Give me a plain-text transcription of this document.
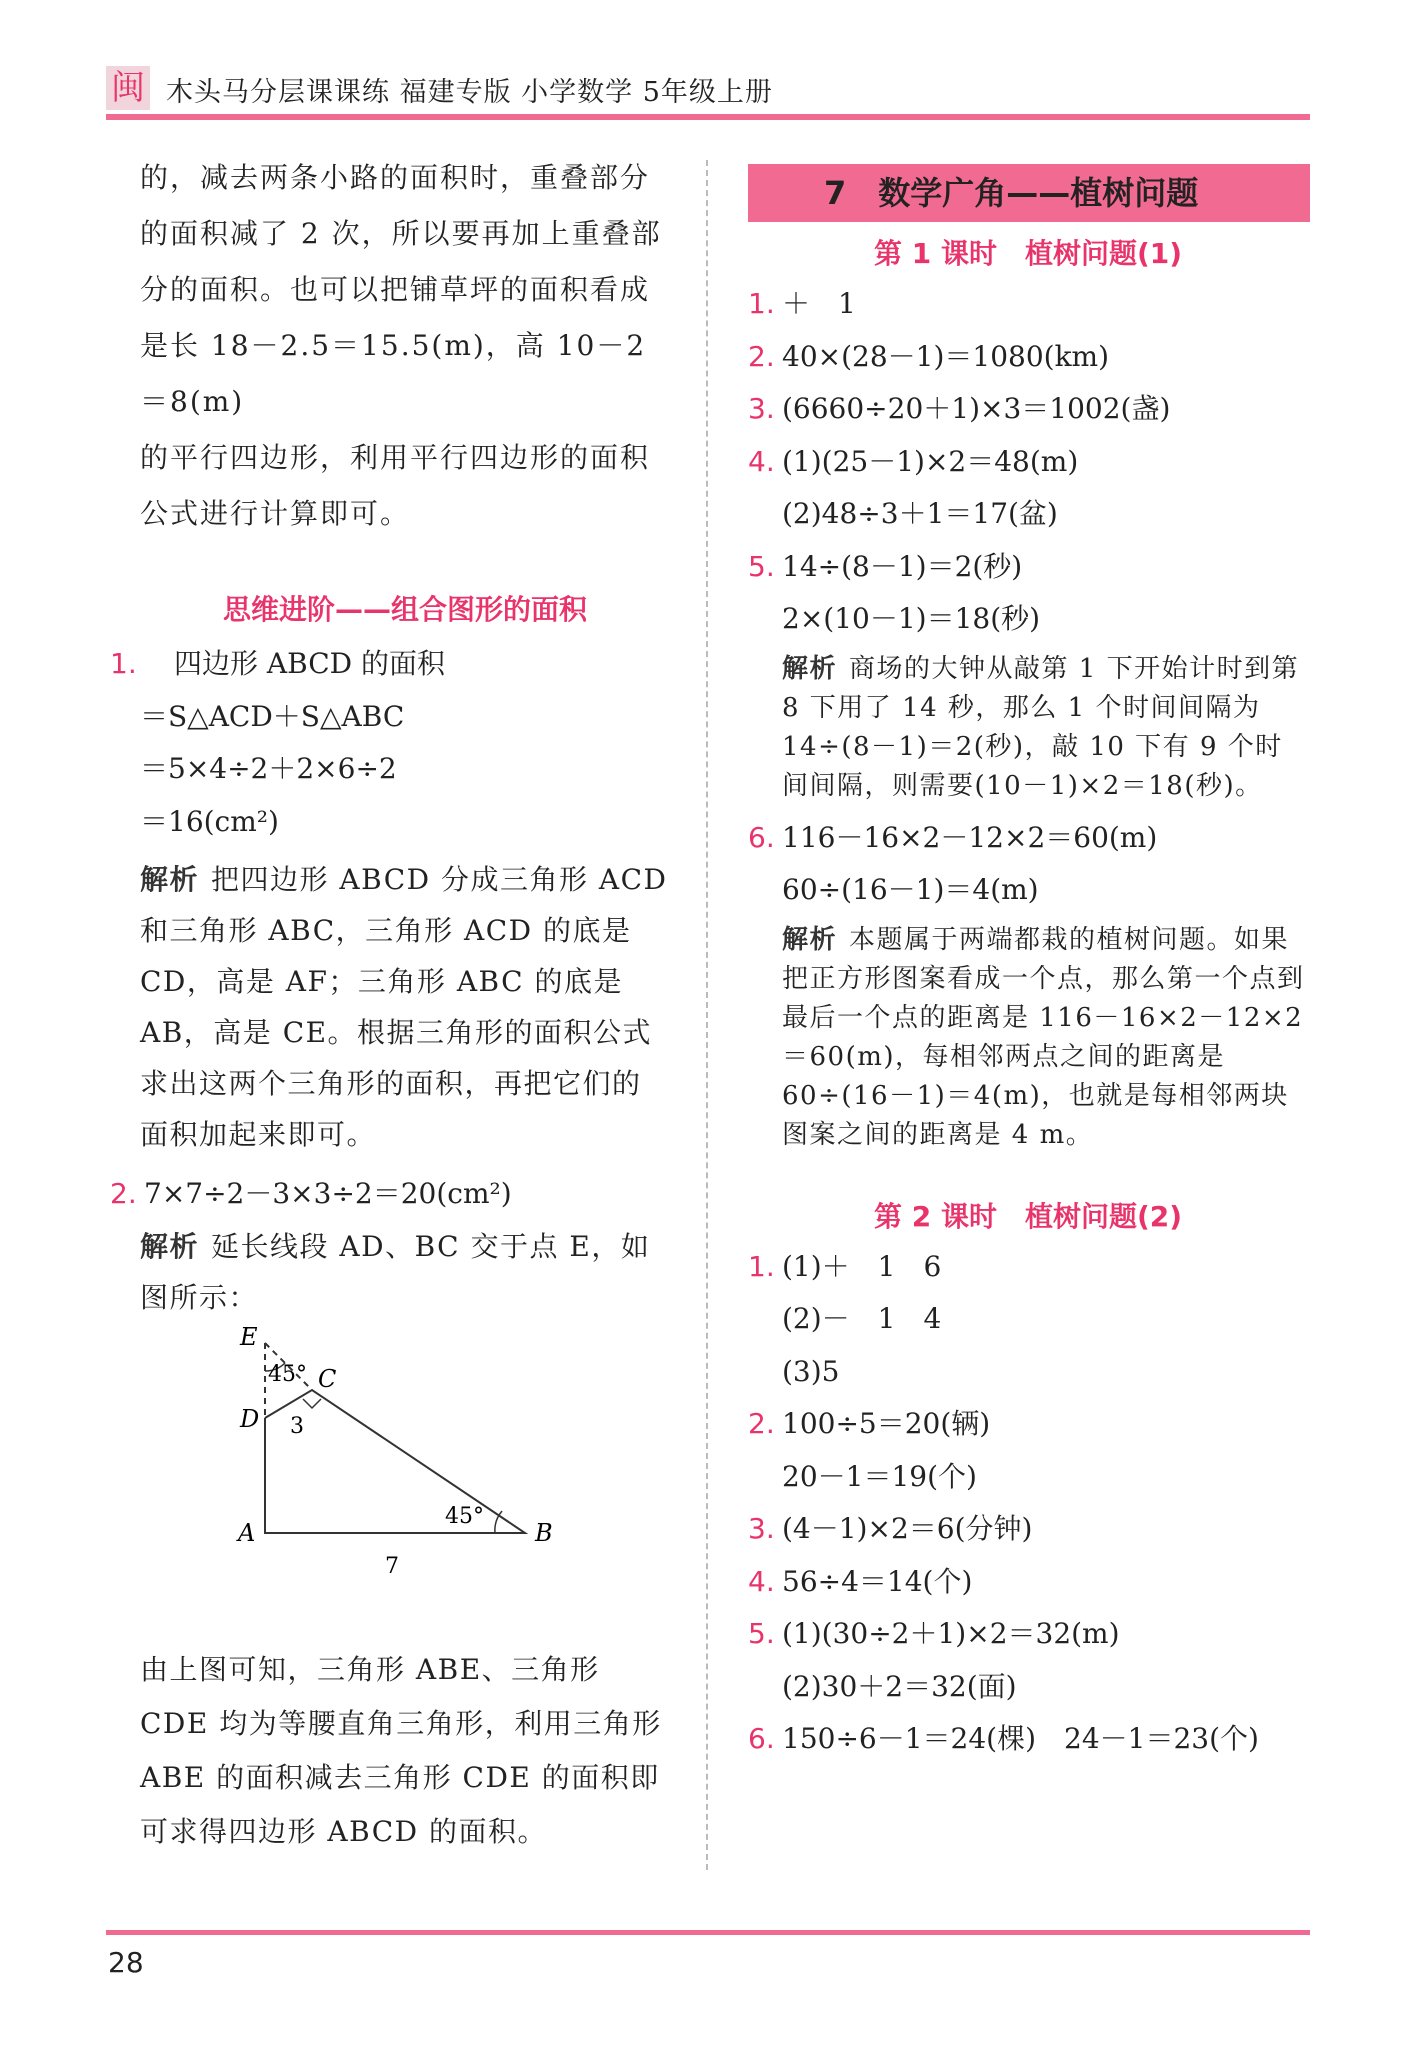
闽 木头马分层课课练 福建专版 小学数学 5年级上册

的，减去两条小路的面积时，重叠部分

的面积减了 2 次，所以要再加上重叠部

分的面积。也可以把铺草坪的面积看成

是长 18－2.5＝15.5(m)，高 10－2＝8(m)

的平行四边形，利用平行四边形的面积

公式进行计算即可。

思维进阶——组合图形的面积
1. 四边形 ABCD 的面积
＝S△ACD＋S△ABC
＝5×4÷2＋2×6÷2
＝16(cm²)
解析 把四边形 ABCD 分成三角形 ACD 和三角形 ABC，三角形 ACD 的底是 CD，高是 AF；三角形 ABC 的底是 AB，高是 CE。根据三角形的面积公式求出这两个三角形的面积，再把它们的面积加起来即可。
2. 7×7÷2－3×3÷2＝20(cm²)
解析 延长线段 AD、BC 交于点 E，如图所示：
E
C
D
A	B
45°
45°
3
7
由上图可知，三角形 ABE、三角形 CDE 均为等腰直角三角形，利用三角形 ABE 的面积减去三角形 CDE 的面积即可求得四边形 ABCD 的面积。
7　数学广角——植树问题
第 1 课时　植树问题(1)
1. ＋　1
2. 40×(28－1)＝1080(km)
3. (6660÷20＋1)×3＝1002(盏)
4. (1)(25－1)×2＝48(m)
(2)48÷3＋1＝17(盆)
5. 14÷(8－1)＝2(秒)
2×(10－1)＝18(秒)
解析 商场的大钟从敲第 1 下开始计时到第 8 下用了 14 秒，那么 1 个时间间隔为 14÷(8－1)＝2(秒)，敲 10 下有 9 个时间间隔，则需要(10－1)×2＝18(秒)。
6. 116－16×2－12×2＝60(m)
60÷(16－1)＝4(m)
解析 本题属于两端都栽的植树问题。如果把正方形图案看成一个点，那么第一个点到最后一个点的距离是 116－16×2－12×2＝60(m)，每相邻两点之间的距离是 60÷(16－1)＝4(m)，也就是每相邻两块图案之间的距离是 4 m。
第 2 课时　植树问题(2)
1. (1)＋　1　6
(2)－　1　4
(3)5
2. 100÷5＝20(辆)
20－1＝19(个)
3. (4－1)×2＝6(分钟)
4. 56÷4＝14(个)
5. (1)(30÷2＋1)×2＝32(m)
(2)30＋2＝32(面)
6. 150÷6－1＝24(棵)　24－1＝23(个)
28
